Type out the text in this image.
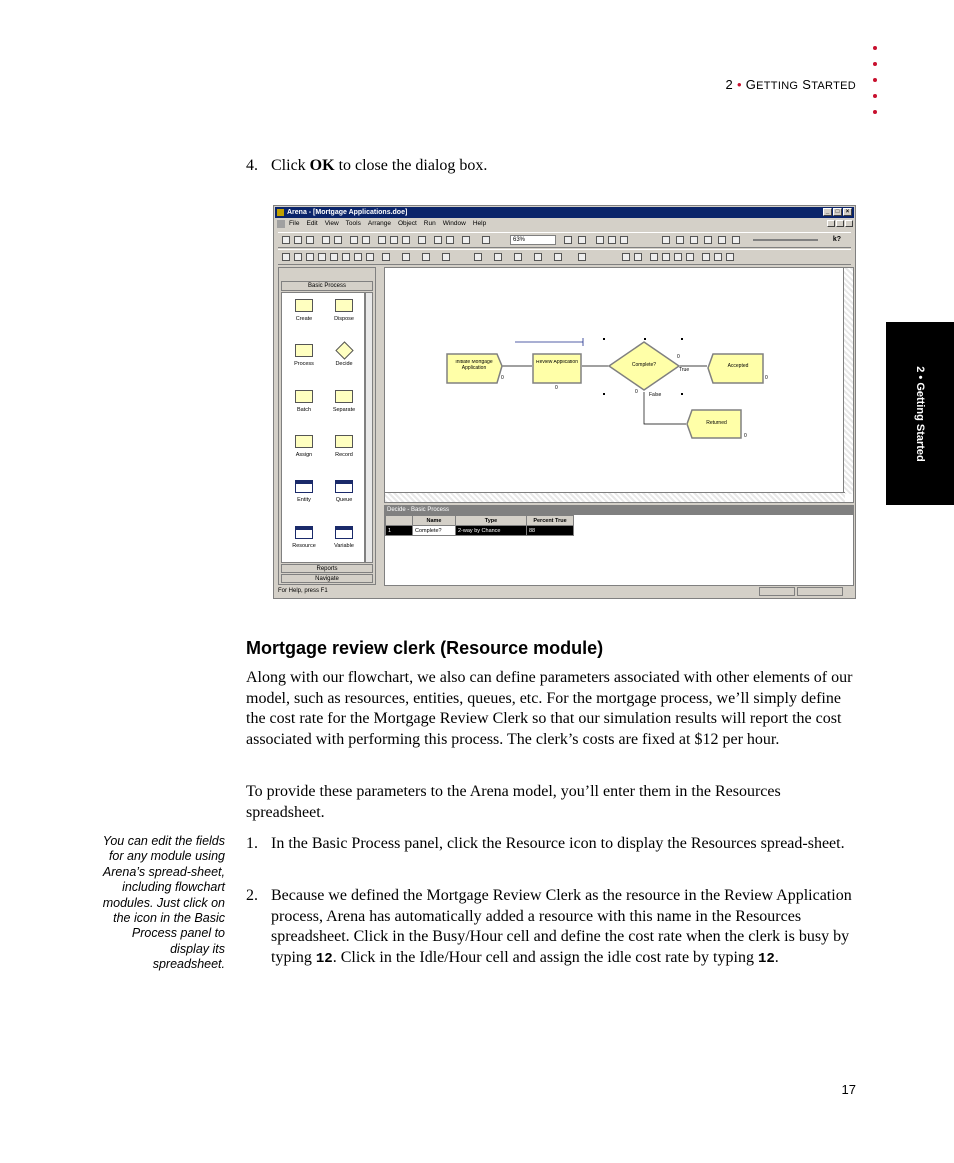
2 • GETTING STARTED
2 • Getting Started
4. Click OK to close the dialog box.
Arena - [Mortgage Applications.doe]	_	□	×
File Edit View Tools Arrange Object Run Window Help
63%	k?
Basic Process
Create	Dispose
Process	Decide
Batch	Separate
Assign	Record
Entity	Queue
Resource	Variable
Reports
Navigate
Initiate Mortgage Application
Review Application	Complete?	Accepted
Returned
True
False
0
0
0
0
0
0
Decide - Basic Process
	Name	Type	Percent True
1	Complete?	2-way by Chance	88
For Help, press F1
Mortgage review clerk (Resource module)

Along with our flowchart, we also can define parameters associated with other elements of our model, such as resources, entities, queues, etc. For the mortgage process, we’ll simply define the cost rate for the Mortgage Review Clerk so that our simulation results will report the cost associated with performing this process. The clerk’s costs are fixed at $12 per hour.

To provide these parameters to the Arena model, you’ll enter them in the Resources spreadsheet.

You can edit the fields for any module using Arena’s spread-sheet, including flowchart modules. Just click on the icon in the Basic Process panel to display its spreadsheet.
1. In the Basic Process panel, click the Resource icon to display the Resources spread-sheet.
2. Because we defined the Mortgage Review Clerk as the resource in the Review Application process, Arena has automatically added a resource with this name in the Resources spreadsheet. Click in the Busy/Hour cell and define the cost rate when the clerk is busy by typing 12. Click in the Idle/Hour cell and assign the idle cost rate by typing 12.
17
